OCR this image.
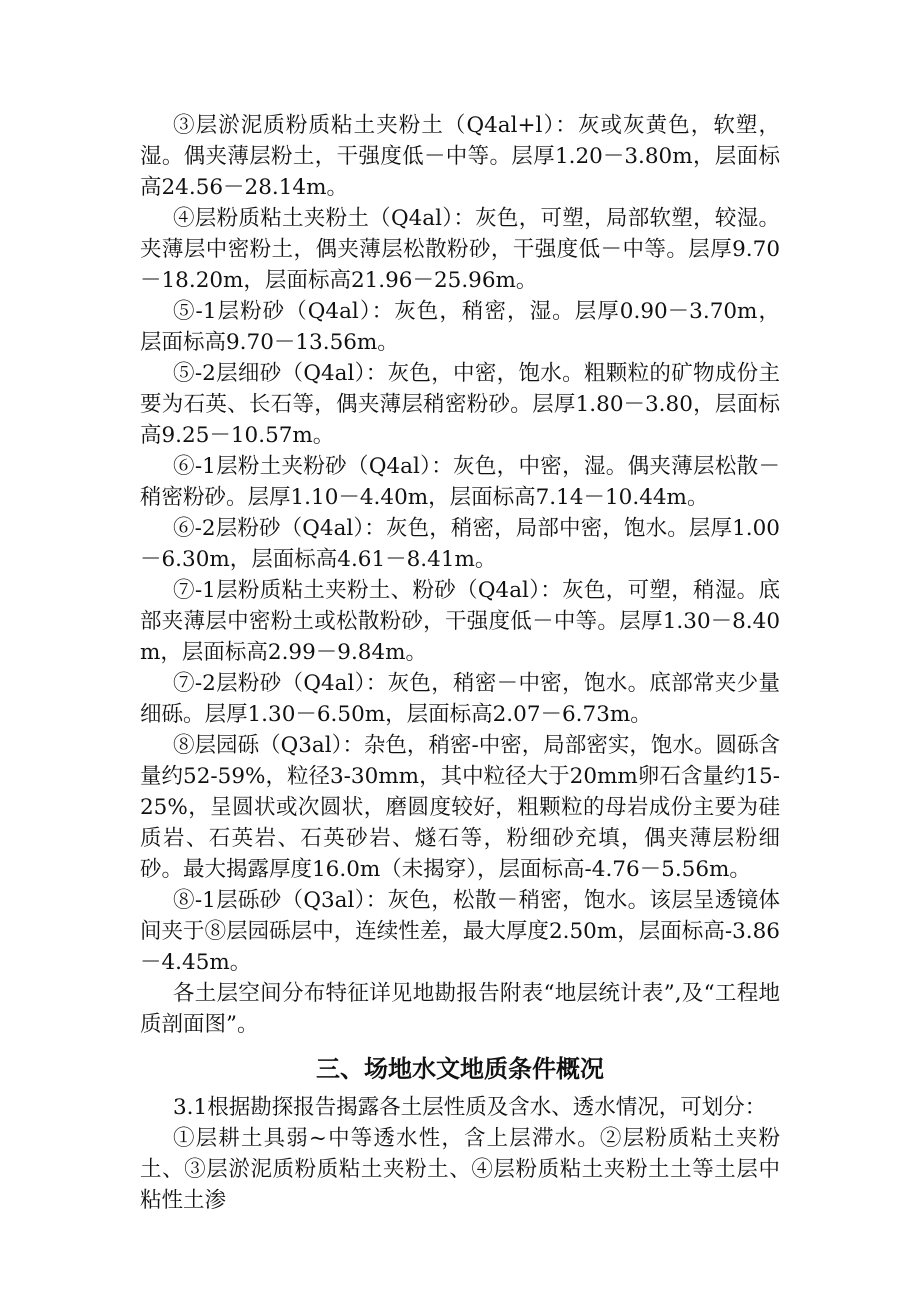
③层淤泥质粉质粘土夹粉土（Q4al+l）：灰或灰黄色，软塑，湿。偶夹薄层粉土，干强度低－中等。层厚1.20－3.80m，层面标高24.56－28.14m。

④层粉质粘土夹粉土（Q4al）：灰色，可塑，局部软塑，较湿。夹薄层中密粉土，偶夹薄层松散粉砂，干强度低－中等。层厚9.70－18.20m，层面标高21.96－25.96m。

⑤-1层粉砂（Q4al）：灰色，稍密，湿。层厚0.90－3.70m，层面标高9.70－13.56m。

⑤-2层细砂（Q4al）：灰色，中密，饱水。粗颗粒的矿物成份主要为石英、长石等，偶夹薄层稍密粉砂。层厚1.80－3.80，层面标高9.25－10.57m。

⑥-1层粉土夹粉砂（Q4al）：灰色，中密，湿。偶夹薄层松散－稍密粉砂。层厚1.10－4.40m，层面标高7.14－10.44m。

⑥-2层粉砂（Q4al）：灰色，稍密，局部中密，饱水。层厚1.00－6.30m，层面标高4.61－8.41m。

⑦-1层粉质粘土夹粉土、粉砂（Q4al）：灰色，可塑，稍湿。底部夹薄层中密粉土或松散粉砂，干强度低－中等。层厚1.30－8.40m，层面标高2.99－9.84m。

⑦-2层粉砂（Q4al）：灰色，稍密－中密，饱水。底部常夹少量细砾。层厚1.30－6.50m，层面标高2.07－6.73m。

⑧层园砾（Q3al）：杂色，稍密-中密，局部密实，饱水。圆砾含量约52-59%，粒径3-30mm，其中粒径大于20mm卵石含量约15-25%，呈圆状或次圆状，磨圆度较好，粗颗粒的母岩成份主要为硅质岩、石英岩、石英砂岩、燧石等，粉细砂充填，偶夹薄层粉细砂。最大揭露厚度16.0m（未揭穿），层面标高-4.76－5.56m。

⑧-1层砾砂（Q3al）：灰色，松散－稍密，饱水。该层呈透镜体间夹于⑧层园砾层中，连续性差，最大厚度2.50m，层面标高-3.86－4.45m。

各土层空间分布特征详见地勘报告附表“地层统计表”,及“工程地质剖面图”。

三、场地水文地质条件概况

3.1根据勘探报告揭露各土层性质及含水、透水情况，可划分：

①层耕土具弱~中等透水性，含上层滞水。②层粉质粘土夹粉土、③层淤泥质粉质粘土夹粉土、④层粉质粘土夹粉土土等土层中粘性土渗
